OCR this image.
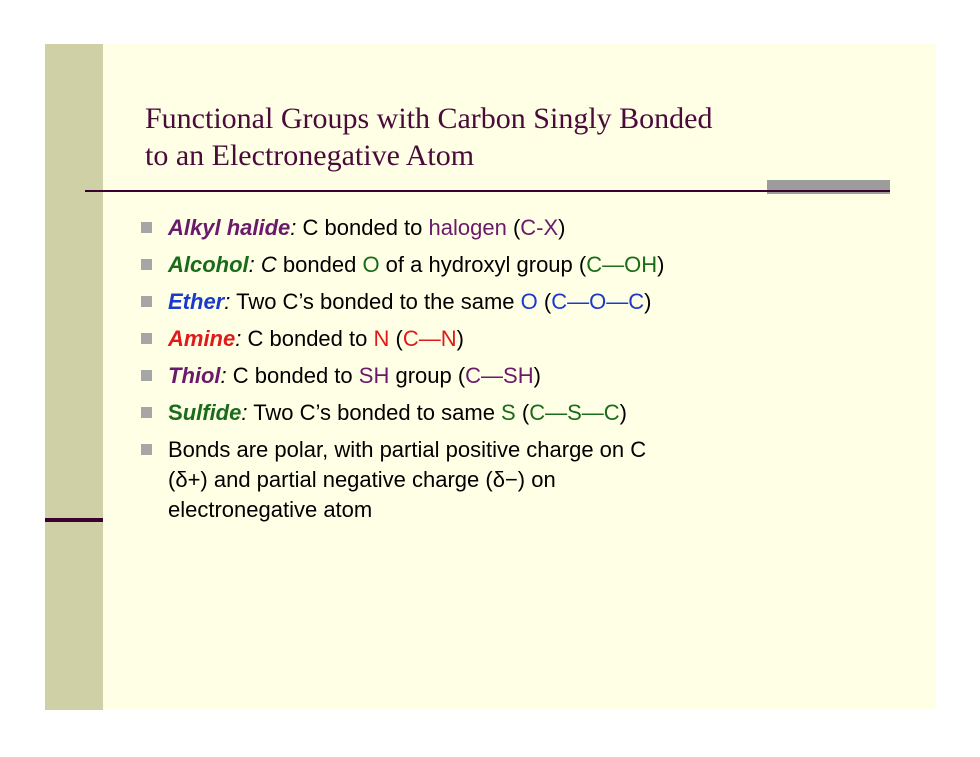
Functional Groups with Carbon Singly Bonded
to an Electronegative Atom
Alkyl halide: C bonded to halogen (C-X)
Alcohol: C bonded O of a hydroxyl group (C—OH)
Ether: Two C’s bonded to the same O (C—O—C)
Amine: C bonded to N (C—N)
Thiol: C bonded to SH group (C—SH)
Sulfide: Two C’s bonded to same S (C—S—C)
Bonds are polar, with partial positive charge on C
(δ+) and partial negative charge (δ−) on
electronegative atom
